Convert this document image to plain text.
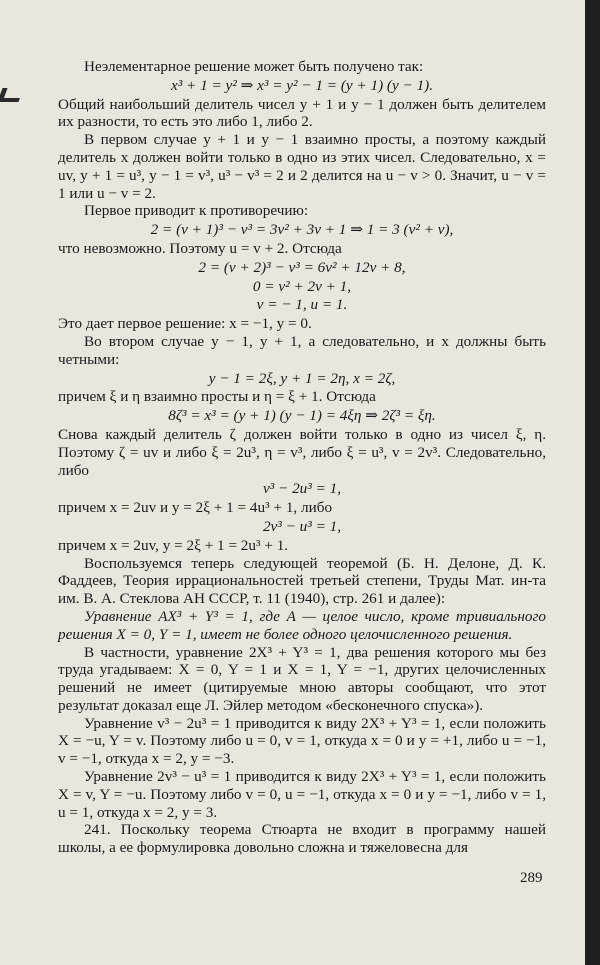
Неэлементарное решение может быть получено так:
x³ + 1 = y² ⇒ x³ = y² − 1 = (y + 1) (y − 1).
Общий наибольший делитель чисел y + 1 и y − 1 должен быть делителем их разности, то есть это либо 1, либо 2.
В первом случае y + 1 и y − 1 взаимно просты, а поэтому каждый делитель x должен войти только в одно из этих чисел. Следовательно, x = uv, y + 1 = u³, y − 1 = v³, u³ − v³ = 2 и 2 делится на u − v > 0. Значит, u − v = 1 или u − v = 2.
Первое приводит к противоречию:
2 = (v + 1)³ − v³ = 3v² + 3v + 1 ⇒ 1 = 3 (v² + v),
что невозможно. Поэтому u = v + 2. Отсюда
2 = (v + 2)³ − v³ = 6v² + 12v + 8,
0 = v² + 2v + 1,
v = − 1, u = 1.
Это дает первое решение: x = −1, y = 0.
Во втором случае y − 1, y + 1, а следовательно, и x должны быть четными:
y − 1 = 2ξ, y + 1 = 2η, x = 2ζ,
причем ξ и η взаимно просты и η = ξ + 1. Отсюда
8ζ³ = x³ = (y + 1) (y − 1) = 4ξη ⇒ 2ζ³ = ξη.
Снова каждый делитель ζ должен войти только в одно из чисел ξ, η. Поэтому ζ = uv и либо ξ = 2u³, η = v³, либо ξ = u³, v = 2v³. Следовательно, либо
v³ − 2u³ = 1,
причем x = 2uv и y = 2ξ + 1 = 4u³ + 1, либо
2v³ − u³ = 1,
причем x = 2uv, y = 2ξ + 1 = 2u³ + 1.
Воспользуемся теперь следующей теоремой (Б. Н. Делоне, Д. К. Фаддеев, Теория иррациональностей третьей степени, Труды Мат. ин-та им. В. А. Стеклова АН СССР, т. 11 (1940), стр. 261 и далее):
Уравнение AX³ + Y³ = 1, где A — целое число, кроме тривиального решения X = 0, Y = 1, имеет не более одного целочисленного решения.
В частности, уравнение 2X³ + Y³ = 1, два решения которого мы без труда угадываем: X = 0, Y = 1 и X = 1, Y = −1, других целочисленных решений не имеет (цитируемые мною авторы сообщают, что этот результат доказал еще Л. Эйлер методом «бесконечного спуска»).
Уравнение v³ − 2u³ = 1 приводится к виду 2X³ + Y³ = 1, если положить X = −u, Y = v. Поэтому либо u = 0, v = 1, откуда x = 0 и y = +1, либо u = −1, v = −1, откуда x = 2, y = −3.
Уравнение 2v³ − u³ = 1 приводится к виду 2X³ + Y³ = 1, если положить X = v, Y = −u. Поэтому либо v = 0, u = −1, откуда x = 0 и y = −1, либо v = 1, u = 1, откуда x = 2, y = 3.
241. Поскольку теорема Стюарта не входит в программу нашей школы, а ее формулировка довольно сложна и тяжеловесна для
289
